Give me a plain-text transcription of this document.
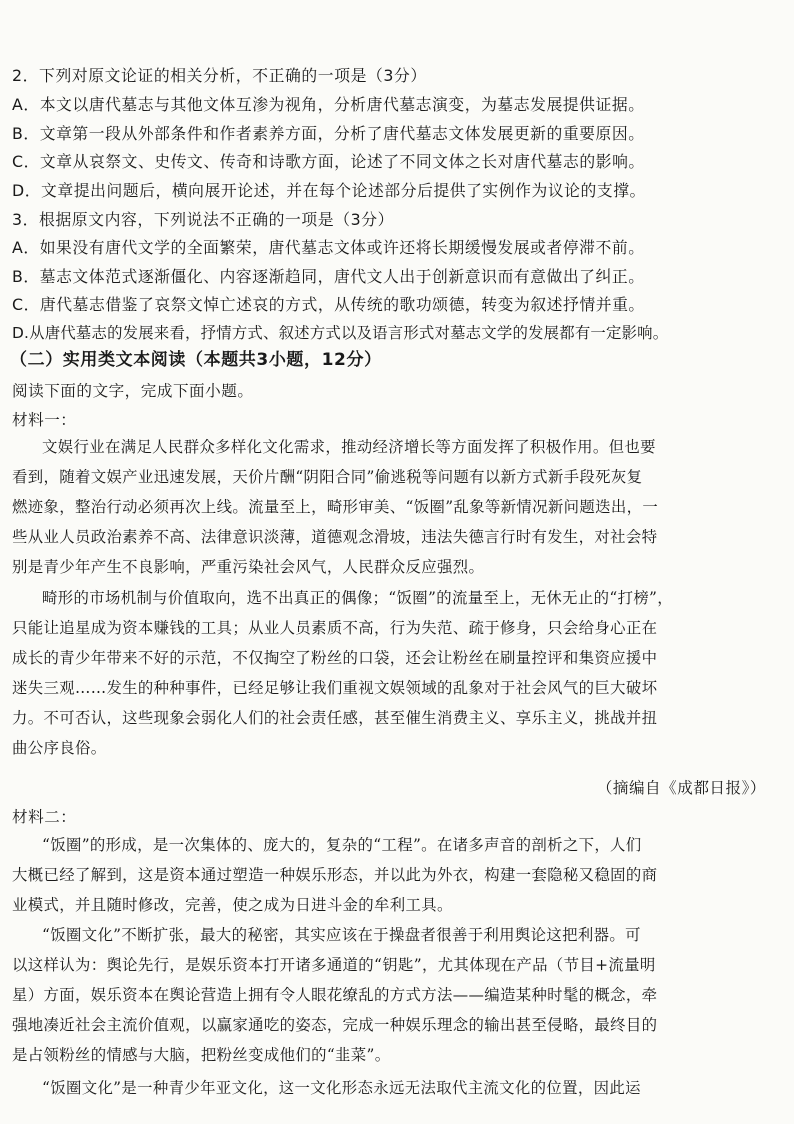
2．下列对原文论证的相关分析，不正确的一项是（3分）
A．本文以唐代墓志与其他文体互渗为视角，分析唐代墓志演变，为墓志发展提供证据。
B．文章第一段从外部条件和作者素养方面，分析了唐代墓志文体发展更新的重要原因。
C．文章从哀祭文、史传文、传奇和诗歌方面，论述了不同文体之长对唐代墓志的影响。
D．文章提出问题后，横向展开论述，并在每个论述部分后提供了实例作为议论的支撑。
3．根据原文内容，下列说法不正确的一项是（3分）
A．如果没有唐代文学的全面繁荣，唐代墓志文体或许还将长期缓慢发展或者停滞不前。
B．墓志文体范式逐渐僵化、内容逐渐趋同，唐代文人出于创新意识而有意做出了纠正。
C．唐代墓志借鉴了哀祭文悼亡述哀的方式，从传统的歌功颂德，转变为叙述抒情并重。
D.从唐代墓志的发展来看，抒情方式、叙述方式以及语言形式对墓志文学的发展都有一定影响。
（二）实用类文本阅读（本题共3小题，12分）
阅读下面的文字，完成下面小题。
材料一：
文娱行业在满足人民群众多样化文化需求，推动经济增长等方面发挥了积极作用。但也要
看到，随着文娱产业迅速发展，天价片酬“阴阳合同”偷逃税等问题有以新方式新手段死灰复
燃迹象，整治行动必须再次上线。流量至上，畸形审美、“饭圈”乱象等新情况新问题迭出，一
些从业人员政治素养不高、法律意识淡薄，道德观念滑坡，违法失德言行时有发生，对社会特
别是青少年产生不良影响，严重污染社会风气，人民群众反应强烈。
畸形的市场机制与价值取向，选不出真正的偶像；“饭圈”的流量至上，无休无止的“打榜”，
只能让追星成为资本赚钱的工具；从业人员素质不高，行为失范、疏于修身，只会给身心正在
成长的青少年带来不好的示范，不仅掏空了粉丝的口袋，还会让粉丝在刷量控评和集资应援中
迷失三观……发生的种种事件，已经足够让我们重视文娱领域的乱象对于社会风气的巨大破坏
力。不可否认，这些现象会弱化人们的社会责任感，甚至催生消费主义、享乐主义，挑战并扭
曲公序良俗。
（摘编自《成都日报》）
材料二：
“饭圈”的形成，是一次集体的、庞大的，复杂的“工程”。在诸多声音的剖析之下，人们
大概已经了解到，这是资本通过塑造一种娱乐形态，并以此为外衣，构建一套隐秘又稳固的商
业模式，并且随时修改，完善，使之成为日进斗金的牟利工具。
“饭圈文化”不断扩张，最大的秘密，其实应该在于操盘者很善于利用舆论这把利器。可
以这样认为：舆论先行，是娱乐资本打开诸多通道的“钥匙”，尤其体现在产品（节目+流量明
星）方面，娱乐资本在舆论营造上拥有令人眼花缭乱的方式方法——编造某种时髦的概念，牵
强地凑近社会主流价值观，以赢家通吃的姿态，完成一种娱乐理念的输出甚至侵略，最终目的
是占领粉丝的情感与大脑，把粉丝变成他们的“韭菜”。
“饭圈文化”是一种青少年亚文化，这一文化形态永远无法取代主流文化的位置，因此运
